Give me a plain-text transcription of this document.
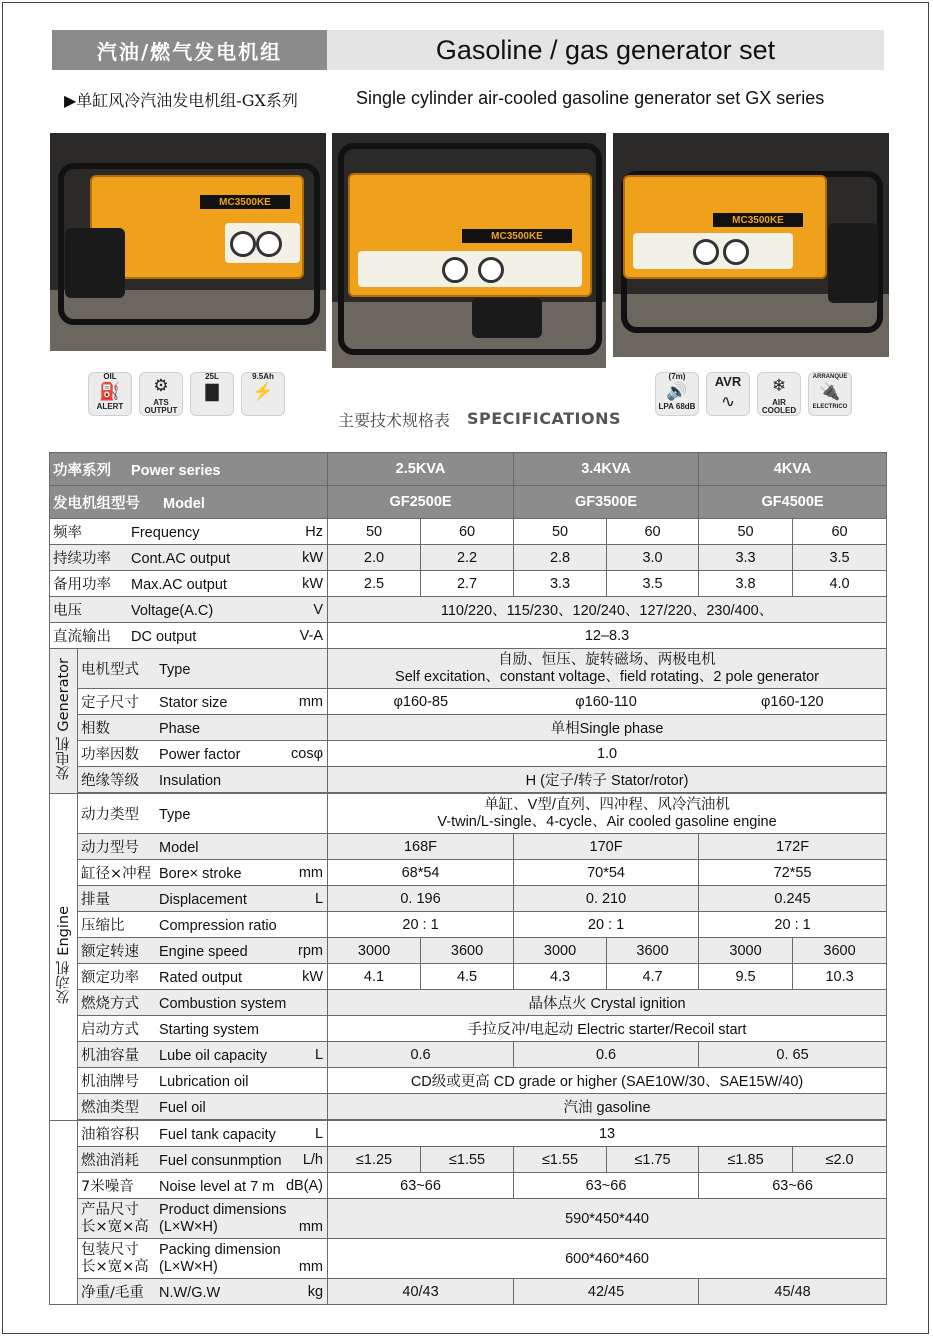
汽油/燃气发电机组	Gasoline / gas generator set
▶单缸风冷汽油发电机组-GX系列	Single cylinder air-cooled gasoline generator set GX series
MC3500KE
MC3500KE
MC3500KE
OIL
⛽
ALERT
⚙
ATS OUTPUT
25L
▇
9.5Ah
⚡
(7m)
🔊
LPA 68dB
AVR
∿
❄
AIR COOLED
ARRANQUE
🔌
ELECTRICO
主要技术规格表 SPECIFICATIONS
功率系列 Power series		2.5KVA		3.4KVA		4KVA	
发电机组型号 Model		GF2500E		GF3500E		GF4500E	
频率 Frequency Hz		50	60	50	60	50	60
持续功率 Cont.AC output kW		2.0	2.2	2.8	3.0	3.3	3.5
备用功率 Max.AC output kW		2.5	2.7	3.3	3.5	3.8	4.0
电压 Voltage(A.C) V		110/220、115/230、120/240、127/220、230/400、					
直流输出 DC output V-A		12–8.3					
发电机 Generator	电机型式 Type	自励、恒压、旋转磁场、两极电机
Self excitation、constant voltage、field rotating、2 pole generator					

	定子尺寸 Stator size mm	φ160-85		φ160-110		φ160-120	
	相数 Phase	单相Single phase					
	功率因数 Power factor cosφ	1.0					
	绝缘等级 Insulation	H (定子/转子 Stator/rotor)					

发动机 Engine	动力类型 Type	单缸、V型/直列、四冲程、风冷汽油机
V-twin/L-single、4-cycle、Air cooled gasoline engine					

	动力型号 Model	168F		170F		172F	
	缸径×冲程 Bore× stroke mm	68*54		70*54		72*55	
	排量 Displacement L	0. 196		0. 210		0.245	
	压缩比 Compression ratio	20 : 1		20 : 1		20 : 1	
	额定转速 Engine speed rpm	3000	3600	3000	3600	3000	3600
	额定功率 Rated output kW	4.1	4.5	4.3	4.7	9.5	10.3
	燃烧方式 Combustion system	晶体点火 Crystal ignition					
	启动方式 Starting system	手拉反冲/电起动 Electric starter/Recoil start					
	机油容量 Lube oil capacity L	0.6		0.6		0. 65	
	机油牌号 Lubrication oil	CD级或更高 CD grade or higher (SAE10W/30、SAE15W/40)					
	燃油类型 Fuel oil	汽油 gasoline					

	油箱容积 Fuel tank capacity L	13					
	燃油消耗 Fuel consunmption L/h	≤1.25	≤1.55	≤1.55	≤1.75	≤1.85	≤2.0
	7米噪音 Noise level at 7 m dB(A)	63~66		63~66		63~66	
	产品尺寸
长×宽×高Product dimensions
(L×W×H) mm	590*450*440					
	包装尺寸
长×宽×高Packing dimension
(L×W×H) mm	600*460*460					
	净重/毛重 N.W/G.W kg	40/43		42/45		45/48	
